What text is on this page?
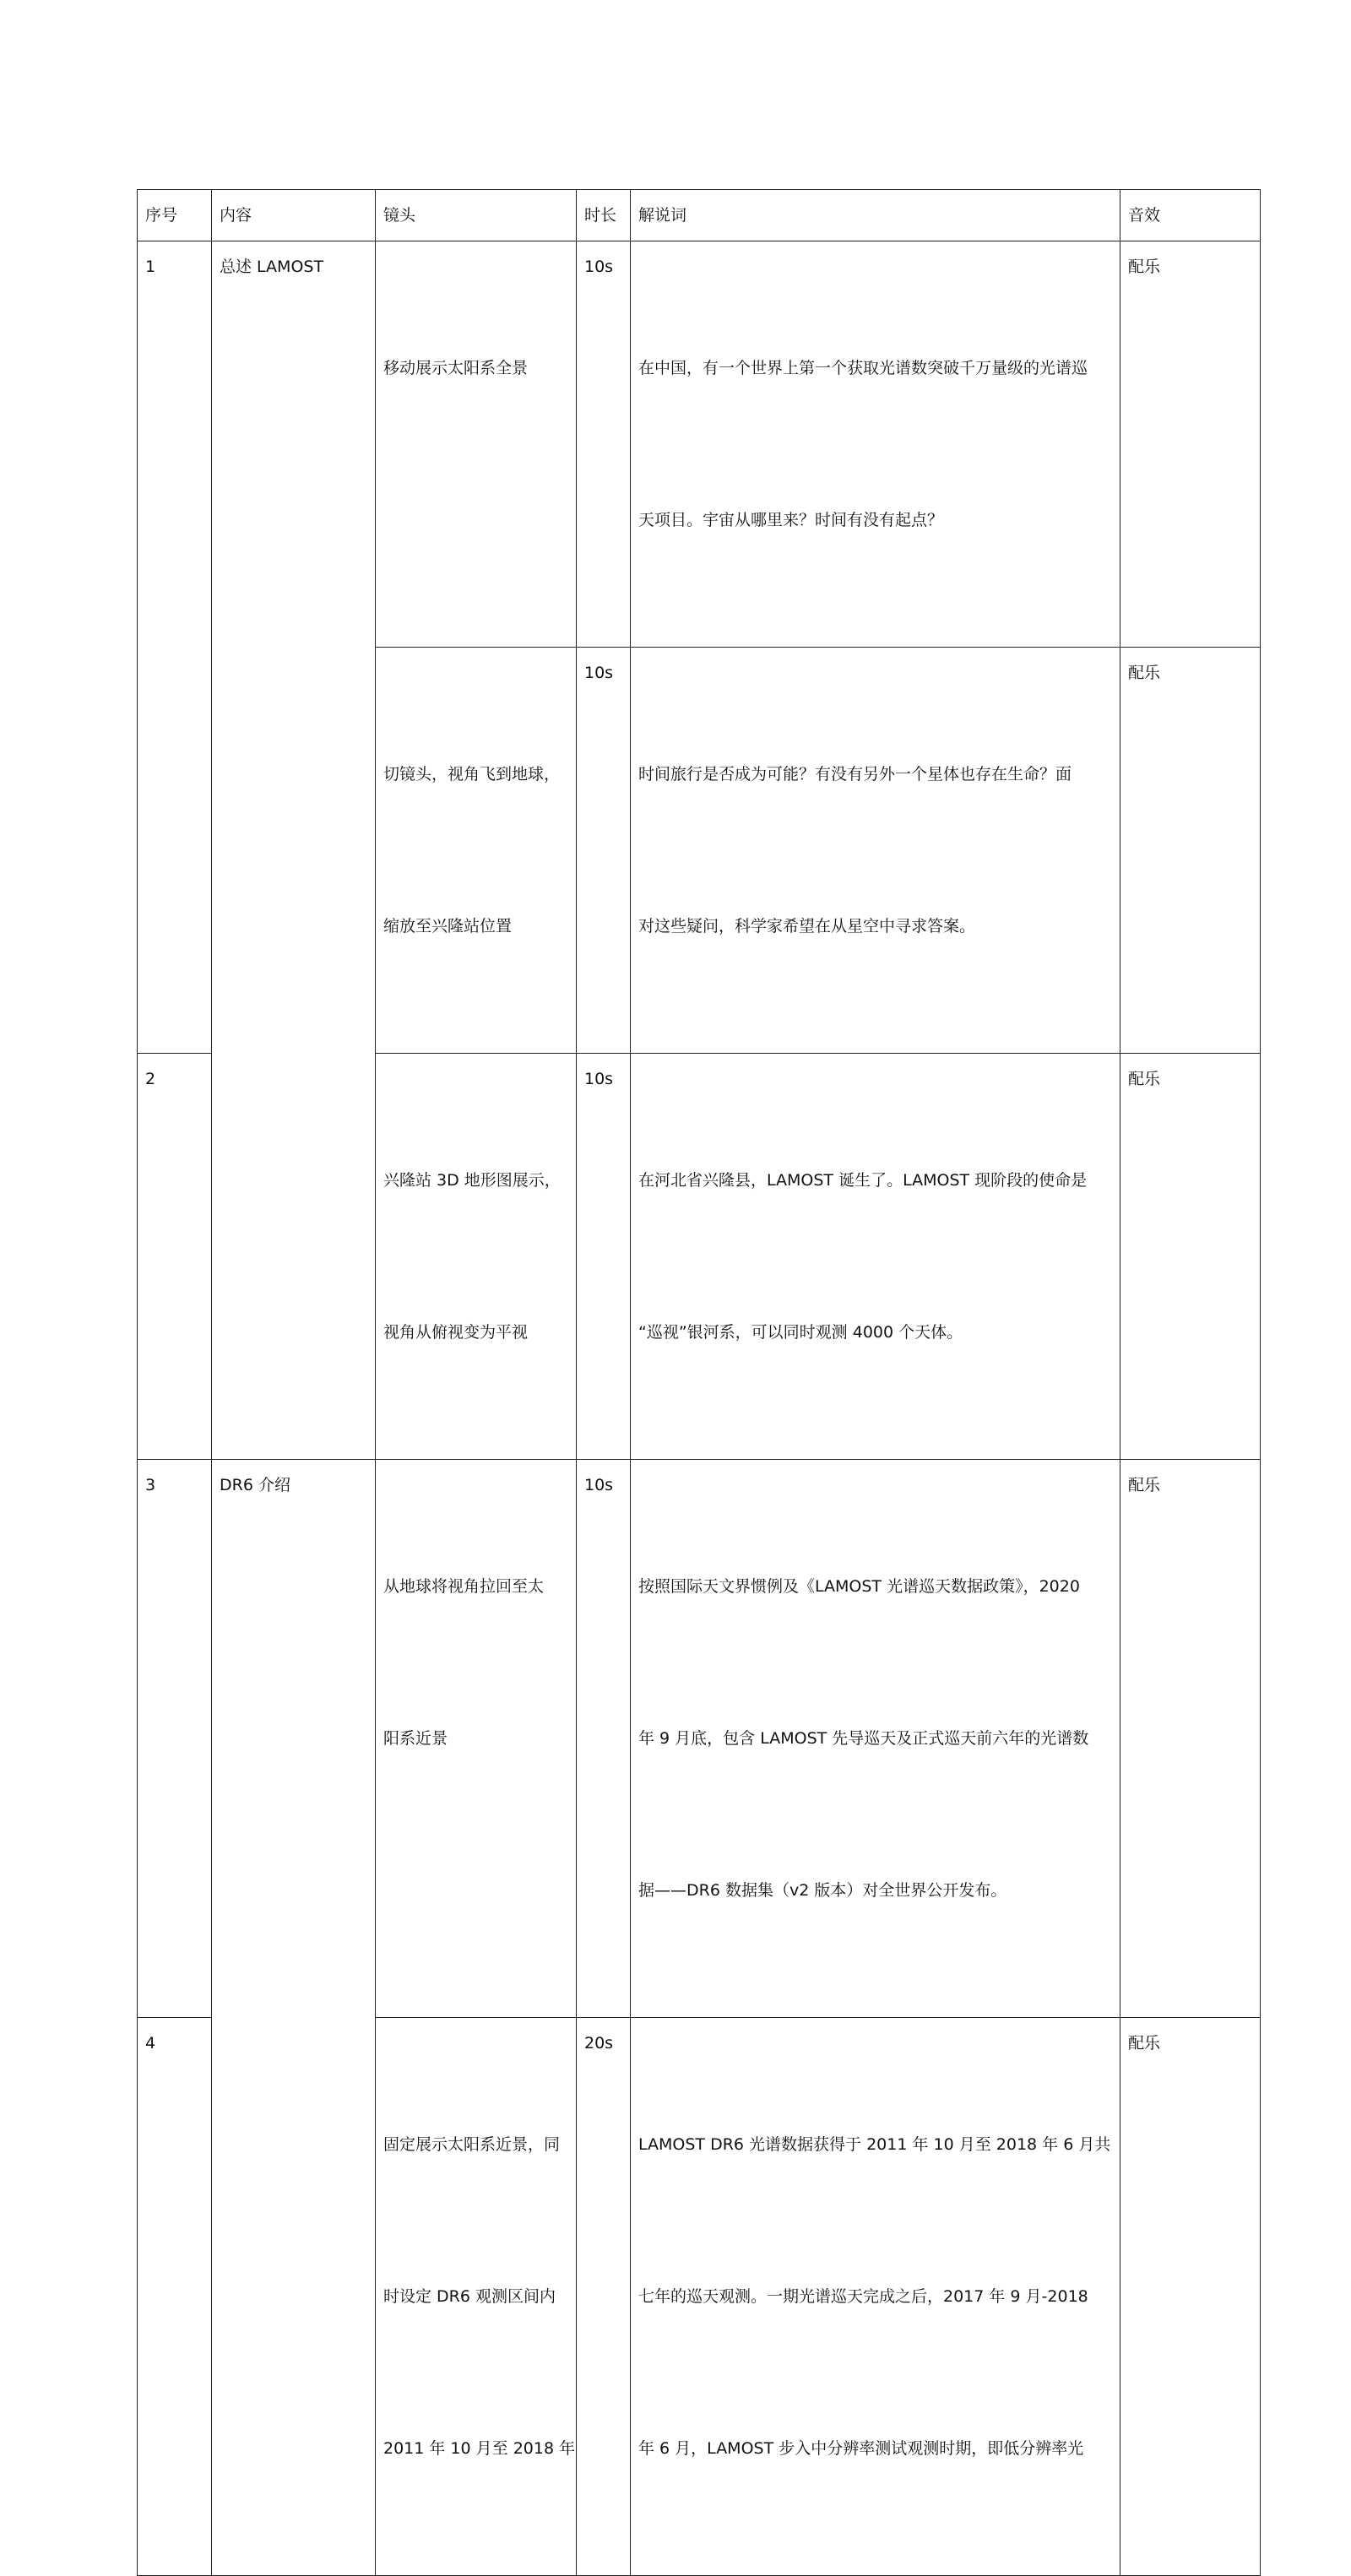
序号	内容	镜头	时长	解说词	音效
1	总述 LAMOST	移动展示太阳系全景	10s	在中国，有一个世界上第一个获取光谱数突破千万量级的光谱巡

天项目。宇宙从哪里来？时间有没有起点？	配乐

		切镜头，视角飞到地球，

缩放至兴隆站位置	10s	时间旅行是否成为可能？有没有另外一个星体也存在生命？面

对这些疑问，科学家希望在从星空中寻求答案。	配乐
2		兴隆站 3D 地形图展示，

视角从俯视变为平视	10s	在河北省兴隆县，LAMOST 诞生了。LAMOST 现阶段的使命是

“巡视”银河系，可以同时观测 4000 个天体。	配乐
3	DR6 介绍	从地球将视角拉回至太

阳系近景	10s	按照国际天文界惯例及《LAMOST 光谱巡天数据政策》，2020

年 9 月底，包含 LAMOST 先导巡天及正式巡天前六年的光谱数

据——DR6 数据集（v2 版本）对全世界公开发布。	配乐
4		固定展示太阳系近景，同

时设定 DR6 观测区间内

2011 年 10 月至 2018 年	20s	LAMOST DR6 光谱数据获得于 2011 年 10 月至 2018 年 6 月共

七年的巡天观测。一期光谱巡天完成之后，2017 年 9 月-2018

年 6 月，LAMOST 步入中分辨率测试观测时期，即低分辨率光	配乐
